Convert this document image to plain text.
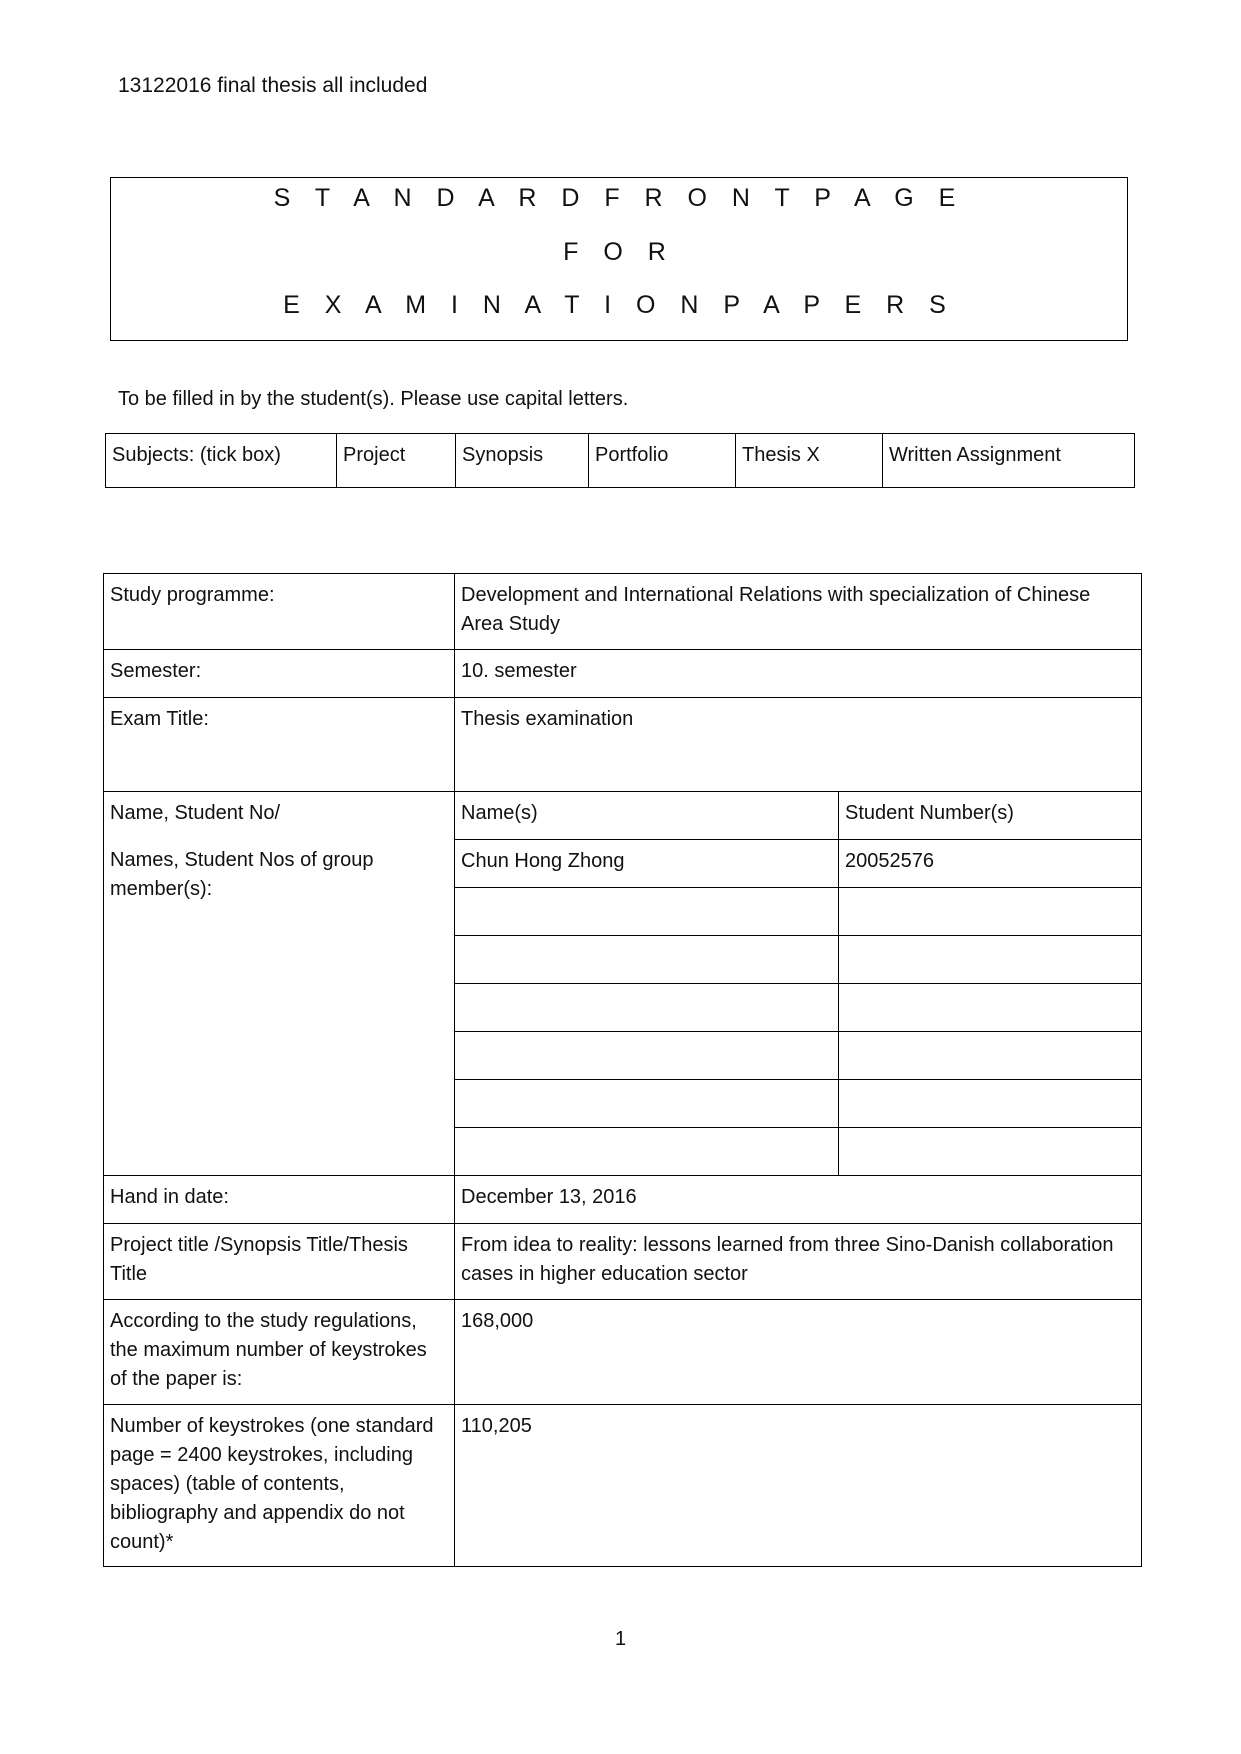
13122016 final thesis all included
S T A N D A R D F R O N T P A G E
F O R
E X A M I N A T I O N P A P E R S
To be filled in by the student(s). Please use capital letters.
Subjects: (tick box)	Project	Synopsis	Portfolio	Thesis X	Written Assignment
Study programme:	Development and International Relations with specialization of Chinese Area Study	
Semester:	10. semester	
Exam Title:	Thesis examination	

Name, Student No/
Names, Student Nos of group member(s):	Name(s)	Student Number(s)
	Chun Hong Zhong	20052576

Hand in date:	December 13, 2016	
Project title /Synopsis Title/Thesis Title	From idea to reality: lessons learned from three Sino-Danish collaboration cases in higher education sector	
According to the study regulations, the maximum number of keystrokes of the paper is:	168,000	
Number of keystrokes (one standard page = 2400 keystrokes, including spaces) (table of contents, bibliography and appendix do not count)*	110,205	
1
